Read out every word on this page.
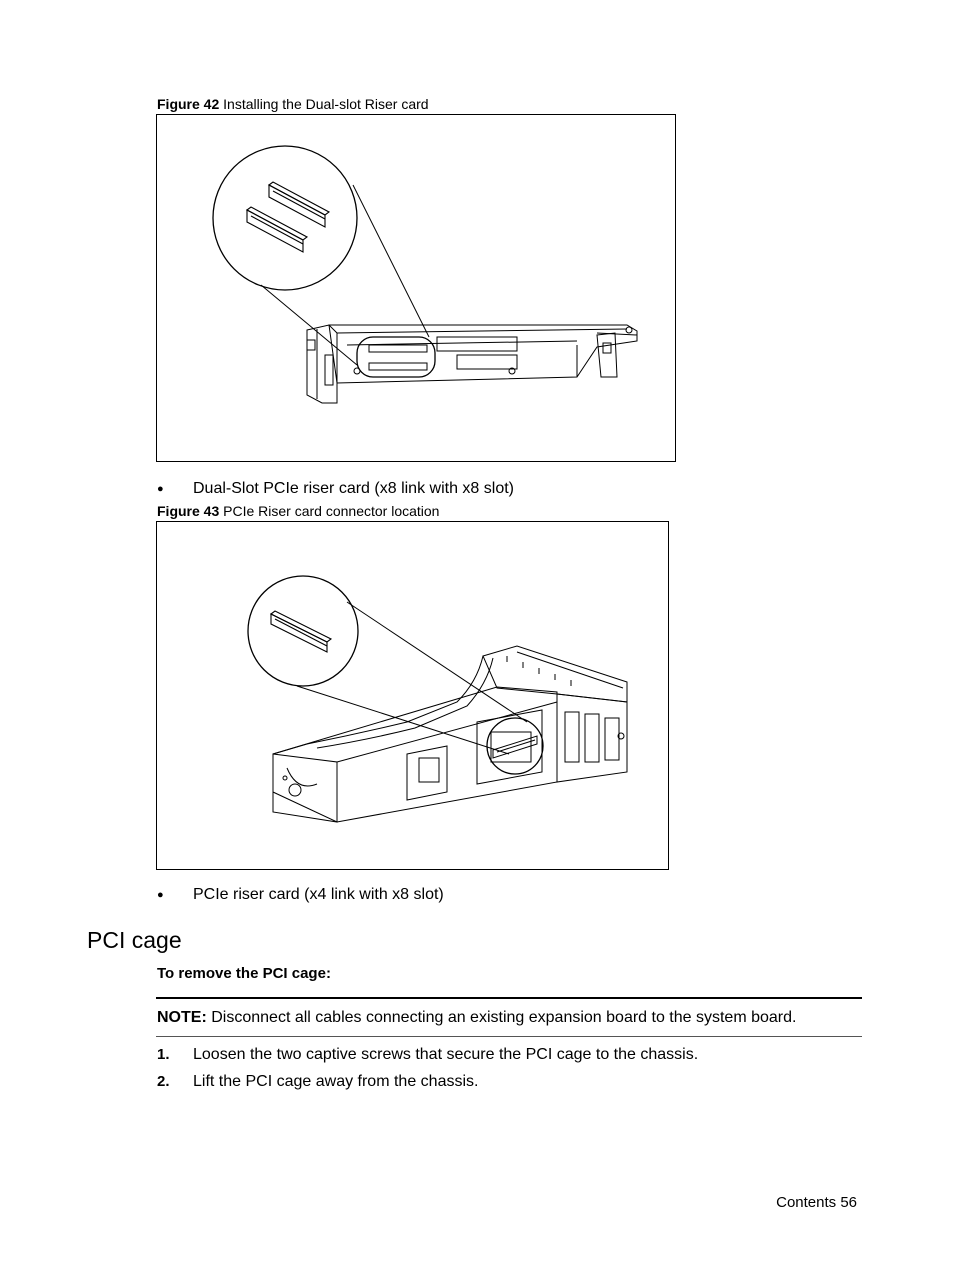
Figure 42 Installing the Dual-slot Riser card
● Dual-Slot PCIe riser card (x8 link with x8 slot)
Figure 43 PCIe Riser card connector location
● PCIe riser card (x4 link with x8 slot)
PCI cage
To remove the PCI cage:
NOTE: Disconnect all cables connecting an existing expansion board to the system board.
1. Loosen the two captive screws that secure the PCI cage to the chassis.
2. Lift the PCI cage away from the chassis.
Contents 56
